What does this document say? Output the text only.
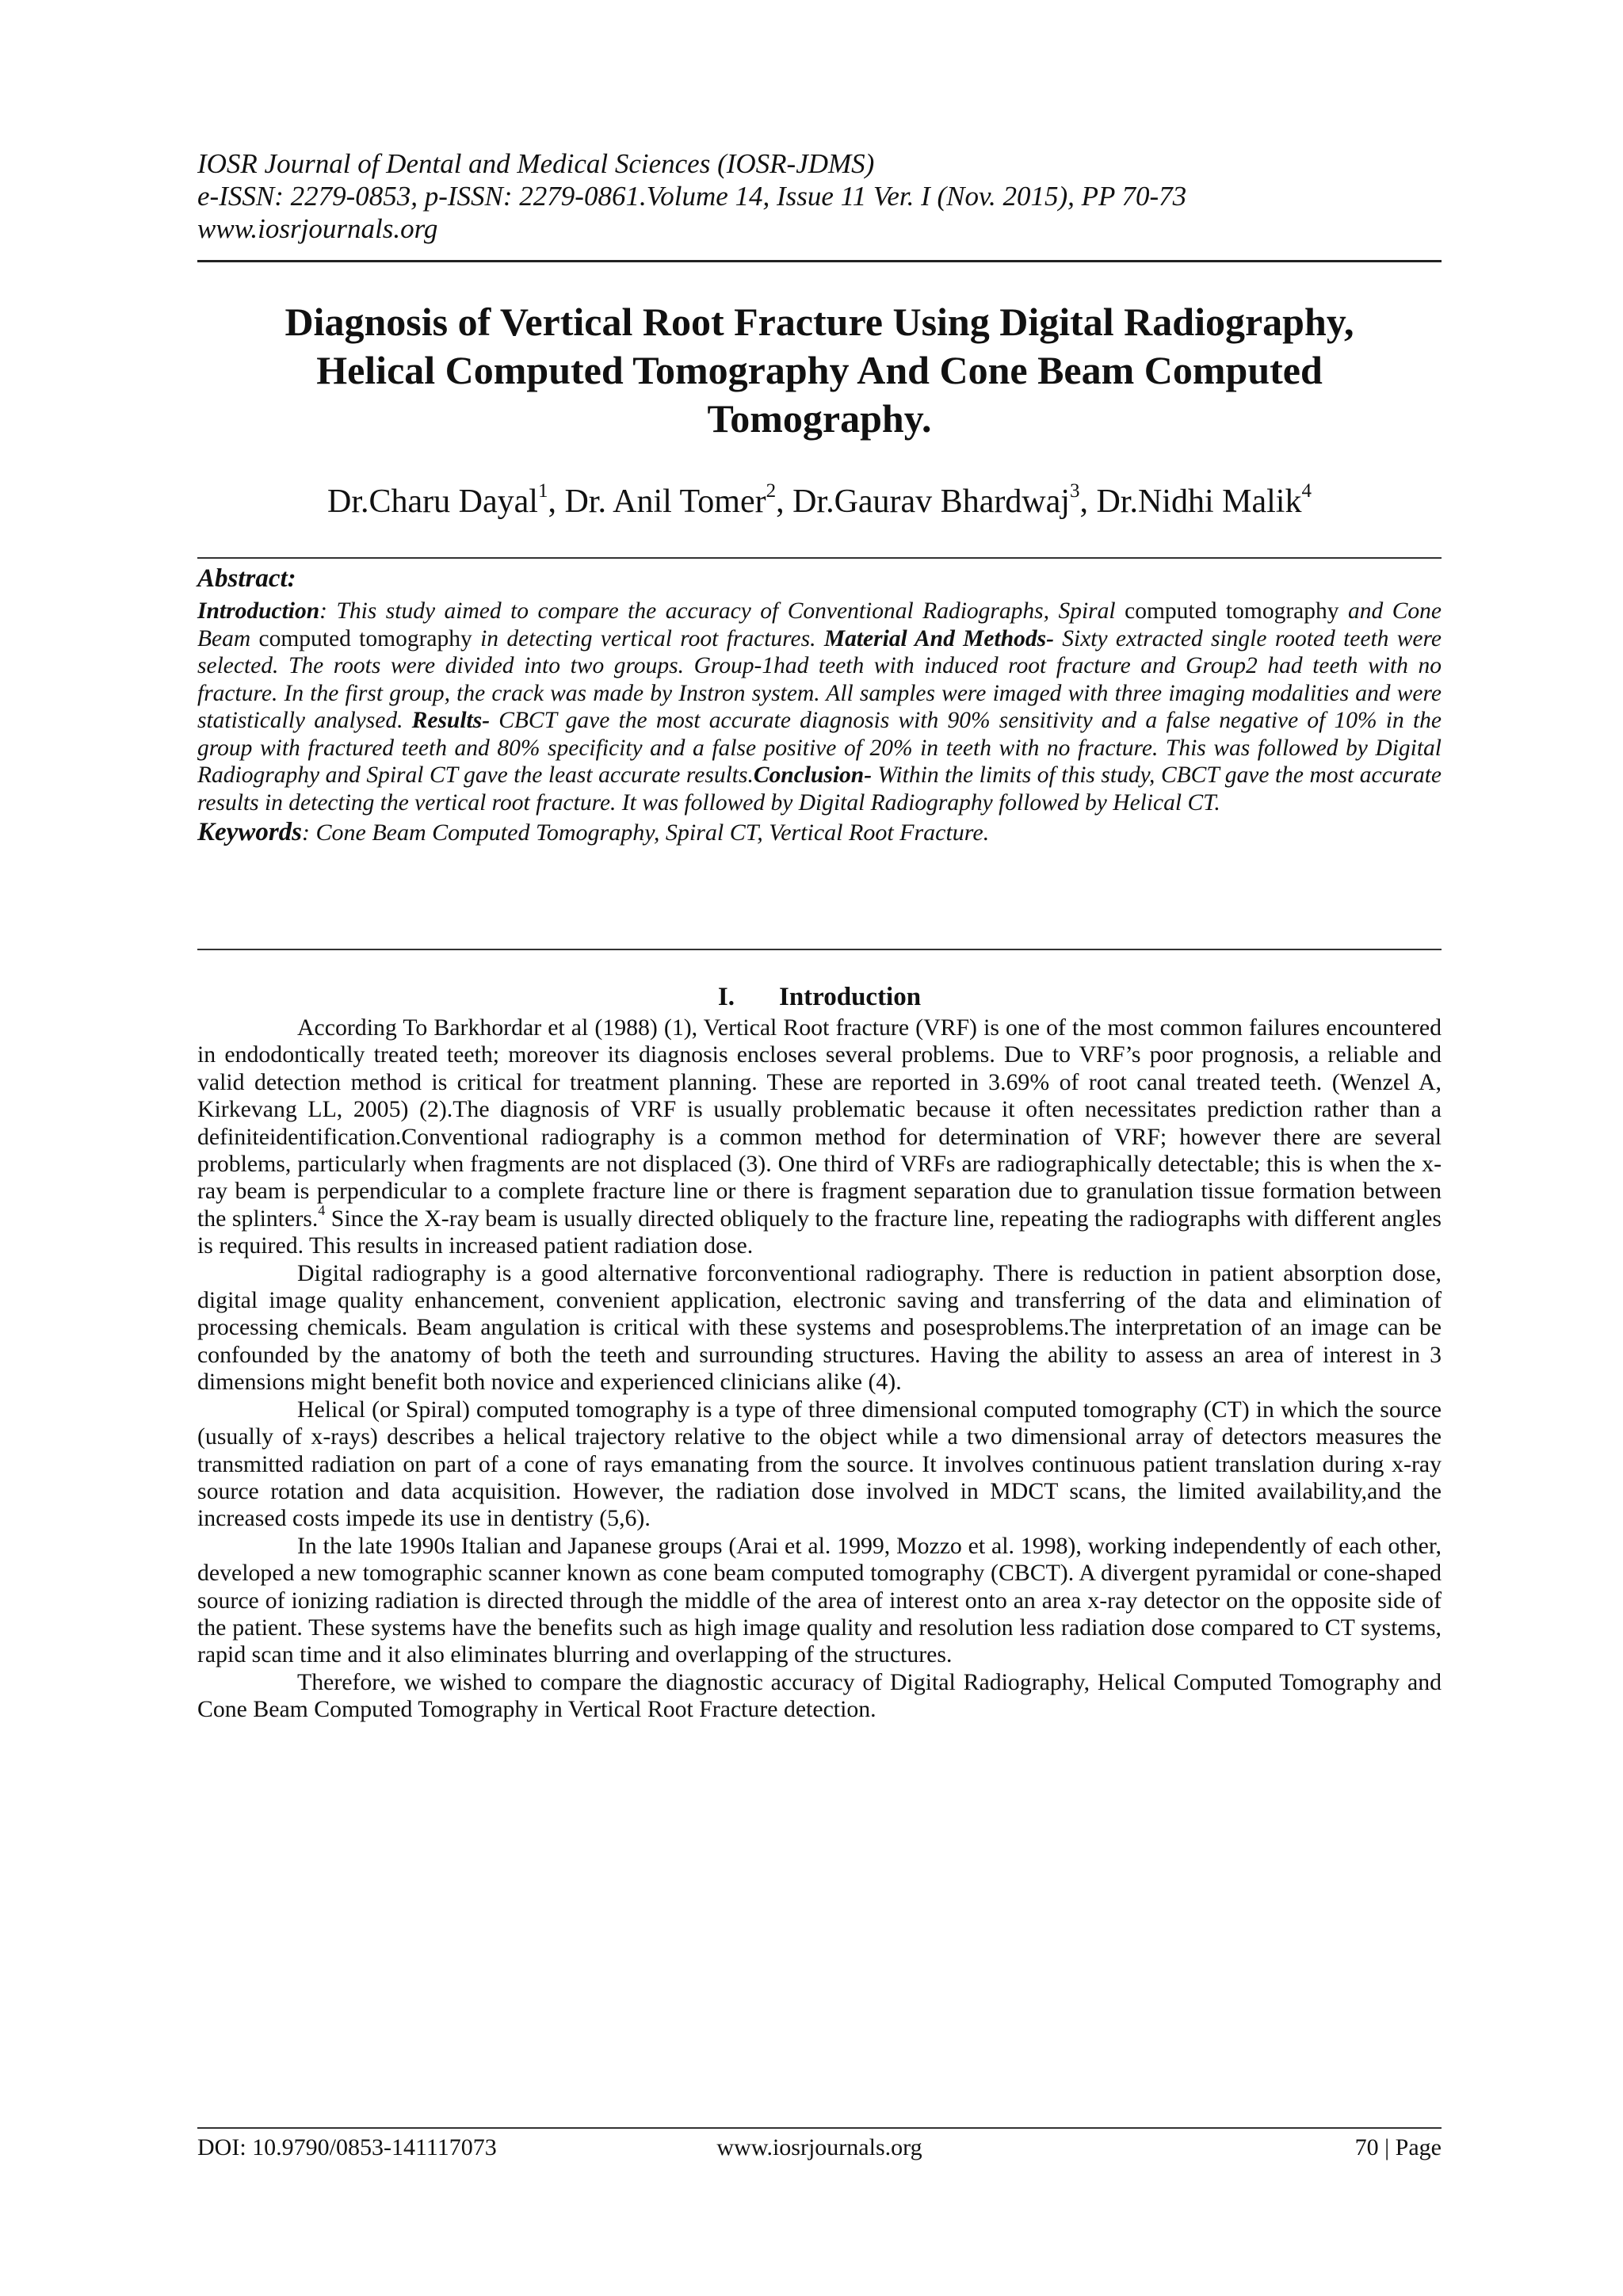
IOSR Journal of Dental and Medical Sciences (IOSR-JDMS)
e-ISSN: 2279-0853, p-ISSN: 2279-0861.Volume 14, Issue 11 Ver. I (Nov. 2015), PP 70-73
www.iosrjournals.org
Diagnosis of Vertical Root Fracture Using Digital Radiography,
Helical Computed Tomography And Cone Beam Computed
Tomography.
Dr.Charu Dayal$^1$, Dr. Anil Tomer$^2$, Dr.Gaurav Bhardwaj$^3$, Dr.Nidhi Malik$^4$
Abstract:

Introduction: This study aimed to compare the accuracy of Conventional Radiographs, Spiral computed tomography and Cone Beam computed tomography in detecting vertical root fractures. Material And Methods- Sixty extracted single rooted teeth were selected. The roots were divided into two groups. Group-1had teeth with induced root fracture and Group2 had teeth with no fracture. In the first group, the crack was made by Instron system. All samples were imaged with three imaging modalities and were statistically analysed. Results- CBCT gave the most accurate diagnosis with 90% sensitivity and a false negative of 10% in the group with fractured teeth and 80% specificity and a false positive of 20% in teeth with no fracture. This was followed by Digital Radiography and Spiral CT gave the least accurate results.Conclusion- Within the limits of this study, CBCT gave the most accurate results in detecting the vertical root fracture. It was followed by Digital Radiography followed by Helical CT.

Keywords: Cone Beam Computed Tomography, Spiral CT, Vertical Root Fracture.
I. Introduction

According To Barkhordar et al (1988) (1), Vertical Root fracture (VRF) is one of the most common failures encountered in endodontically treated teeth; moreover its diagnosis encloses several problems. Due to VRF’s poor prognosis, a reliable and valid detection method is critical for treatment planning. These are reported in 3.69% of root canal treated teeth. (Wenzel A, Kirkevang LL, 2005) (2).The diagnosis of VRF is usually problematic because it often necessitates prediction rather than a definiteidentification.Conventional radiography is a common method for determination of VRF; however there are several problems, particularly when fragments are not displaced (3). One third of VRFs are radiographically detectable; this is when the x-ray beam is perpendicular to a complete fracture line or there is fragment separation due to granulation tissue formation between the splinters.$^4$ Since the X-ray beam is usually directed obliquely to the fracture line, repeating the radiographs with different angles is required. This results in increased patient radiation dose.

Digital radiography is a good alternative forconventional radiography. There is reduction in patient absorption dose, digital image quality enhancement, convenient application, electronic saving and transferring of the data and elimination of processing chemicals. Beam angulation is critical with these systems and posesproblems.The interpretation of an image can be confounded by the anatomy of both the teeth and surrounding structures. Having the ability to assess an area of interest in 3 dimensions might benefit both novice and experienced clinicians alike (4).

Helical (or Spiral) computed tomography is a type of three dimensional computed tomography (CT) in which the source (usually of x-rays) describes a helical trajectory relative to the object while a two dimensional array of detectors measures the transmitted radiation on part of a cone of rays emanating from the source. It involves continuous patient translation during x-ray source rotation and data acquisition. However, the radiation dose involved in MDCT scans, the limited availability,and the increased costs impede its use in dentistry (5,6).

In the late 1990s Italian and Japanese groups (Arai et al. 1999, Mozzo et al. 1998), working independently of each other, developed a new tomographic scanner known as cone beam computed tomography (CBCT). A divergent pyramidal or cone-shaped source of ionizing radiation is directed through the middle of the area of interest onto an area x-ray detector on the opposite side of the patient. These systems have the benefits such as high image quality and resolution less radiation dose compared to CT systems, rapid scan time and it also eliminates blurring and overlapping of the structures.

Therefore, we wished to compare the diagnostic accuracy of Digital Radiography, Helical Computed Tomography and Cone Beam Computed Tomography in Vertical Root Fracture detection.

DOI: 10.9790/0853-141117073	www.iosrjournals.org	70 | Page
